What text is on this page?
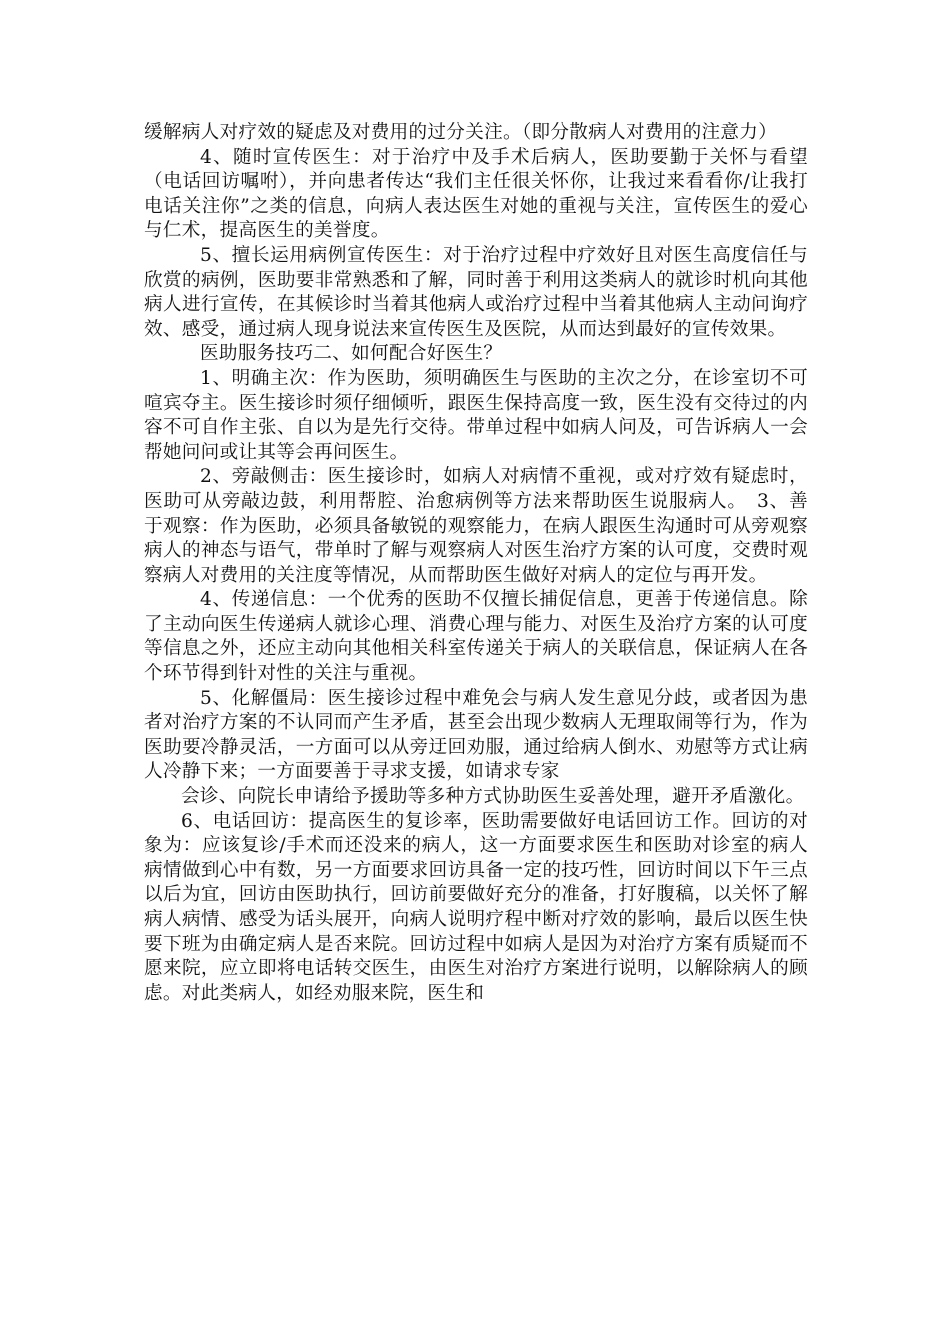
缓解病人对疗效的疑虑及对费用的过分关注。（即分散病人对费用的注意力）

4、随时宣传医生：对于治疗中及手术后病人，医助要勤于关怀与看望（电话回访嘱咐），并向患者传达“我们主任很关怀你，让我过来看看你/让我打电话关注你”之类的信息，向病人表达医生对她的重视与关注，宣传医生的爱心与仁术，提高医生的美誉度。

5、擅长运用病例宣传医生：对于治疗过程中疗效好且对医生高度信任与欣赏的病例，医助要非常熟悉和了解，同时善于利用这类病人的就诊时机向其他病人进行宣传，在其候诊时当着其他病人或治疗过程中当着其他病人主动问询疗效、感受，通过病人现身说法来宣传医生及医院，从而达到最好的宣传效果。

医助服务技巧二、如何配合好医生？

1、明确主次：作为医助，须明确医生与医助的主次之分，在诊室切不可喧宾夺主。医生接诊时须仔细倾听，跟医生保持高度一致，医生没有交待过的内容不可自作主张、自以为是先行交待。带单过程中如病人问及，可告诉病人一会帮她问问或让其等会再问医生。

2、旁敲侧击：医生接诊时，如病人对病情不重视，或对疗效有疑虑时，医助可从旁敲边鼓，利用帮腔、治愈病例等方法来帮助医生说服病人。　3、善于观察：作为医助，必须具备敏锐的观察能力，在病人跟医生沟通时可从旁观察病人的神态与语气，带单时了解与观察病人对医生治疗方案的认可度，交费时观察病人对费用的关注度等情况，从而帮助医生做好对病人的定位与再开发。

4、传递信息：一个优秀的医助不仅擅长捕促信息，更善于传递信息。除了主动向医生传递病人就诊心理、消费心理与能力、对医生及治疗方案的认可度等信息之外，还应主动向其他相关科室传递关于病人的关联信息，保证病人在各个环节得到针对性的关注与重视。

5、化解僵局：医生接诊过程中难免会与病人发生意见分歧，或者因为患者对治疗方案的不认同而产生矛盾，甚至会出现少数病人无理取闹等行为，作为医助要冷静灵活，一方面可以从旁迂回劝服，通过给病人倒水、劝慰等方式让病人冷静下来；一方面要善于寻求支援，如请求专家

会诊、向院长申请给予援助等多种方式协助医生妥善处理，避开矛盾激化。

6、电话回访：提高医生的复诊率，医助需要做好电话回访工作。回访的对象为：应该复诊/手术而还没来的病人，这一方面要求医生和医助对诊室的病人病情做到心中有数，另一方面要求回访具备一定的技巧性，回访时间以下午三点以后为宜，回访由医助执行，回访前要做好充分的准备，打好腹稿，以关怀了解病人病情、感受为话头展开，向病人说明疗程中断对疗效的影响，最后以医生快要下班为由确定病人是否来院。回访过程中如病人是因为对治疗方案有质疑而不愿来院，应立即将电话转交医生，由医生对治疗方案进行说明，以解除病人的顾虑。对此类病人，如经劝服来院，医生和
